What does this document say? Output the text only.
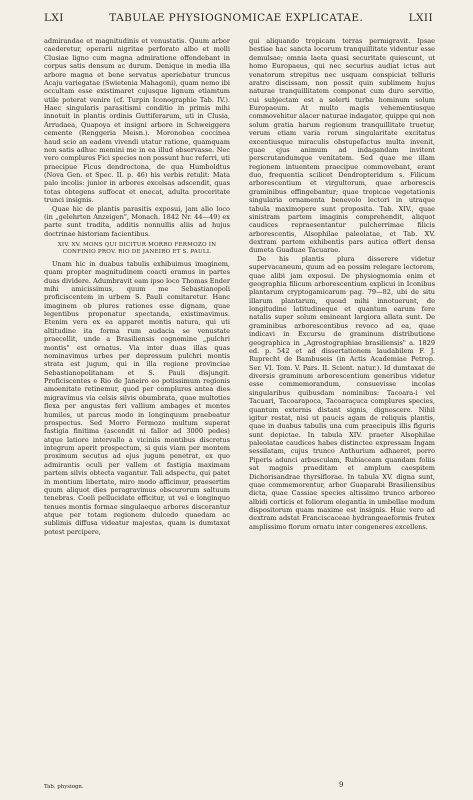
LXI	TABULAE PHYSIOGNOMICAE EXPLICATAE.	LXII

admirandae et magnitudinis et venustatis. Quum arbor caederetur, operarii nigritae perforato albo et molli Clusiae ligno cum magna admiratione offendebant in corpus satis densum ac durum. Denique in media illa arbore magna et bene servatus aperiebatur truncus Acaju variegatae (Swietenia Mahagoni), quam nemo ibi occultam esse existimaret cujusque lignum etiamtum utile poterat venire (cf. Turpin Iconographie Tab. IV.). Haec singularis parasitismi conditio in primis mihi innotuit in plantis ordinis Guttiferarum, uti in Clusia, Arrudaea, Quapoya et insigni arbore in Schweiggera cemente (Renggeria Meisn.). Moronobea coccinea haud scio an eadem vivendi utatur ratione, quamquam non satis adhuc memini me in ea illud observasse. Nec vero complures Fici species non possunt huc referri, uti praecipue Ficus dendroctona, de qua Humboldtus (Nova Gen. et Spec. II. p. 46) his verbis retulit: Mata palo incolis: junior in arbores excelsas adscendit, quas totas obtegens suffocat et enecat, adulta proceritate trunci insignis.

Quae hic de plantis parasitis exposui, jam alio loco (in „gelehrten Anzeigen", Monach. 1842 Nr. 44—49) ex parte sunt tradita, additis nonnullis aliis ad hujus doctrinae historiam facientibus.

XIV. XV. MONS QUI DICITUR MORRO FERMOZO IN CONFINIO PROV. RIO DE JANEIRO ET S. PAULI.

Unam hic in duabus tabulis exhibuimus imaginem, quam propter magnitudinem coacti eramus in partes duas dividere. Adumbravit eam ipso loco Thomas Ender mihi amicissimus, quum me Sebastianopoli proficiscentem in urbem S. Pauli comitaretur. Hanc imaginem ob plures rationes esse dignam, quae legentibus proponatur spectanda, existimavimus. Etenim vera ex ea apparet montis natura, qui uti altitudine ita forma rum audacia se venustate praecellit, unde a Brasiliensis cognomine „pulchri montis" est ornatus. Via inter duas illas quas nominavimus urbes per depressum pulchri montis strata est jugum, qui in illa regione provinciae Sebastianopolitanam et S. Pauli disjungit. Proficiscentes e Rio de Janeiro eo potissimum regionis amoenitate retinemur, quod per complures antea dies migravimus via celsis silvis obumbrata, quae multoties flexa per angustas feri vallium ambages et montes humiles, ut parcus modo in longinquum praebeatur prospectus. Sed Morro Fermozo multum superat fastigia finitima (ascendit ni fallor ad 3000 pedes) atque latiore intervallo a viciniis montibus discretus integrum aperit prospectum, si quis viam per montem proximum secutus ad ejus jugum penetrat, ex quo admirantis oculi per vallem et fastigia maximam partem silvis obtecta vagantur. Tali adspectu, qui patet in montium libertate, miro modo afficimur, praesertim quum aliquot dies peragravimus obscurorum saltuum tenebras. Coeli pellucidate efficitur, ut vel e longinquo tenues montis formae singulaeque arbores discerantur atque per totam regionem dulcedo quaedam ac sublimis diffusa videatur majestas, quam is dumtaxat potest percipere,

qui aliquando tropicam terras permigravit. Ipsae bestiae hac sancta locorum tranquillitate videntur esse demulsae; omnia laeta quasi securitate quiescunt, ut homo Europaeus, qui nec securius audiat ictus aut venatorum strepitus nec usquam conspiciat telluris aratro discissam, non possit quin sublimem hujus naturae tranquillitatem componat cum duro servitio, cui subjectam est a solerti turba hominum solum Europaeum. At multo magis vehementiusque commovehitur alacer naturae indagator, quippe qui non solum gratia harum regionum tranquillitate truetur, verum etiam varia rerum singularitate excitatus excentiusque miraculis obstupefactus multa invenit, quae ejus animum ad indagandam invitent perscrutandumque venitatem. Sed quae me illam regionem intuentem praecipue commovebant, erant duo, frequentia scilicet Dendropteridum s. Filicum arborescentium et virgultorum, quae arborescis graminibus effingebantur; quae tropicae vegetationis singularia ornamenta benevolo lectori in utraque tabula maximopere sunt proposita. Tab. XIV., quae sinistram partem imaginis comprehendit, aliquot caudices repraesentantur pulcherrimae filicis arborescentis, Alsophilae paleolatae, et Tab. XV. dextram partem exhibentis pars autica offert densa dumeta Guaduae Tacuarae.

De his plantis plura disserere videtur supervacaneum, quum ad ea possim relegare lectorem, quae alibi jam exposui. De physiognomia enim et geographia filicum arborescentium explicui in Iconibus plantarum cryptogamicarum pag. 79—82, ubi de situ illarum plantarum, quoad mihi innotuerunt, de longitudine latitudineque et quantum earum fere natalis super solum emineant largiora allata sunt. De graminibus arborescentibus revoco ad ea, quae indicavi in Excursu de graminum distributione geographica in „Agrostographiae brasiliensis" a. 1829 ed. p. 542 et ad dissertationem laudabilem F. J. Ruprecht de Bambuseis (in Actis Academiae Petrop. Ser. VI. Tom. V. Pars. II. Scient. natur.). Id dumtaxat de diversis graminum arborescentium generibus videtur esse commemorandum, consuevisse incolas singularibus quibusdam nominibus: Tacoara-i vel Tacuari, Tacoarapoca, Tacoaraçuca complures species, quantum externis distant signis, dignoscere. Nihil igitur restat, nisi ut paucis agam de reliquis plantis, quae in duabus tabulis una cum praecipuis illis figuris sunt depictae. In tabula XIV. praeter Alsophilae paleolatae caudices habes distinctee expressam Ingam sessilatam, cujus trunco Anthurium adhaeret, porro Piperis adunci arbusculam, Rubiaceam quandam foliis sat magnis praeditam et amplum caespitem Dichorisandrae thyrsiflorae. In tabula XV. digna sunt, quae commemorentur, arbor Guaparabi Brasiliensibus dicta, quae Cassiae species altissimo trunco arboreo albidi corticis et foliorum elegantia in umbellae modum dispositorum quam maxime est insignis. Huic vero ad dextram adstat Franciscaceae hydrangeaeformis frutex amplissimo florum ornatu inter congeneres excellens.

Tab. physiogn.	9
